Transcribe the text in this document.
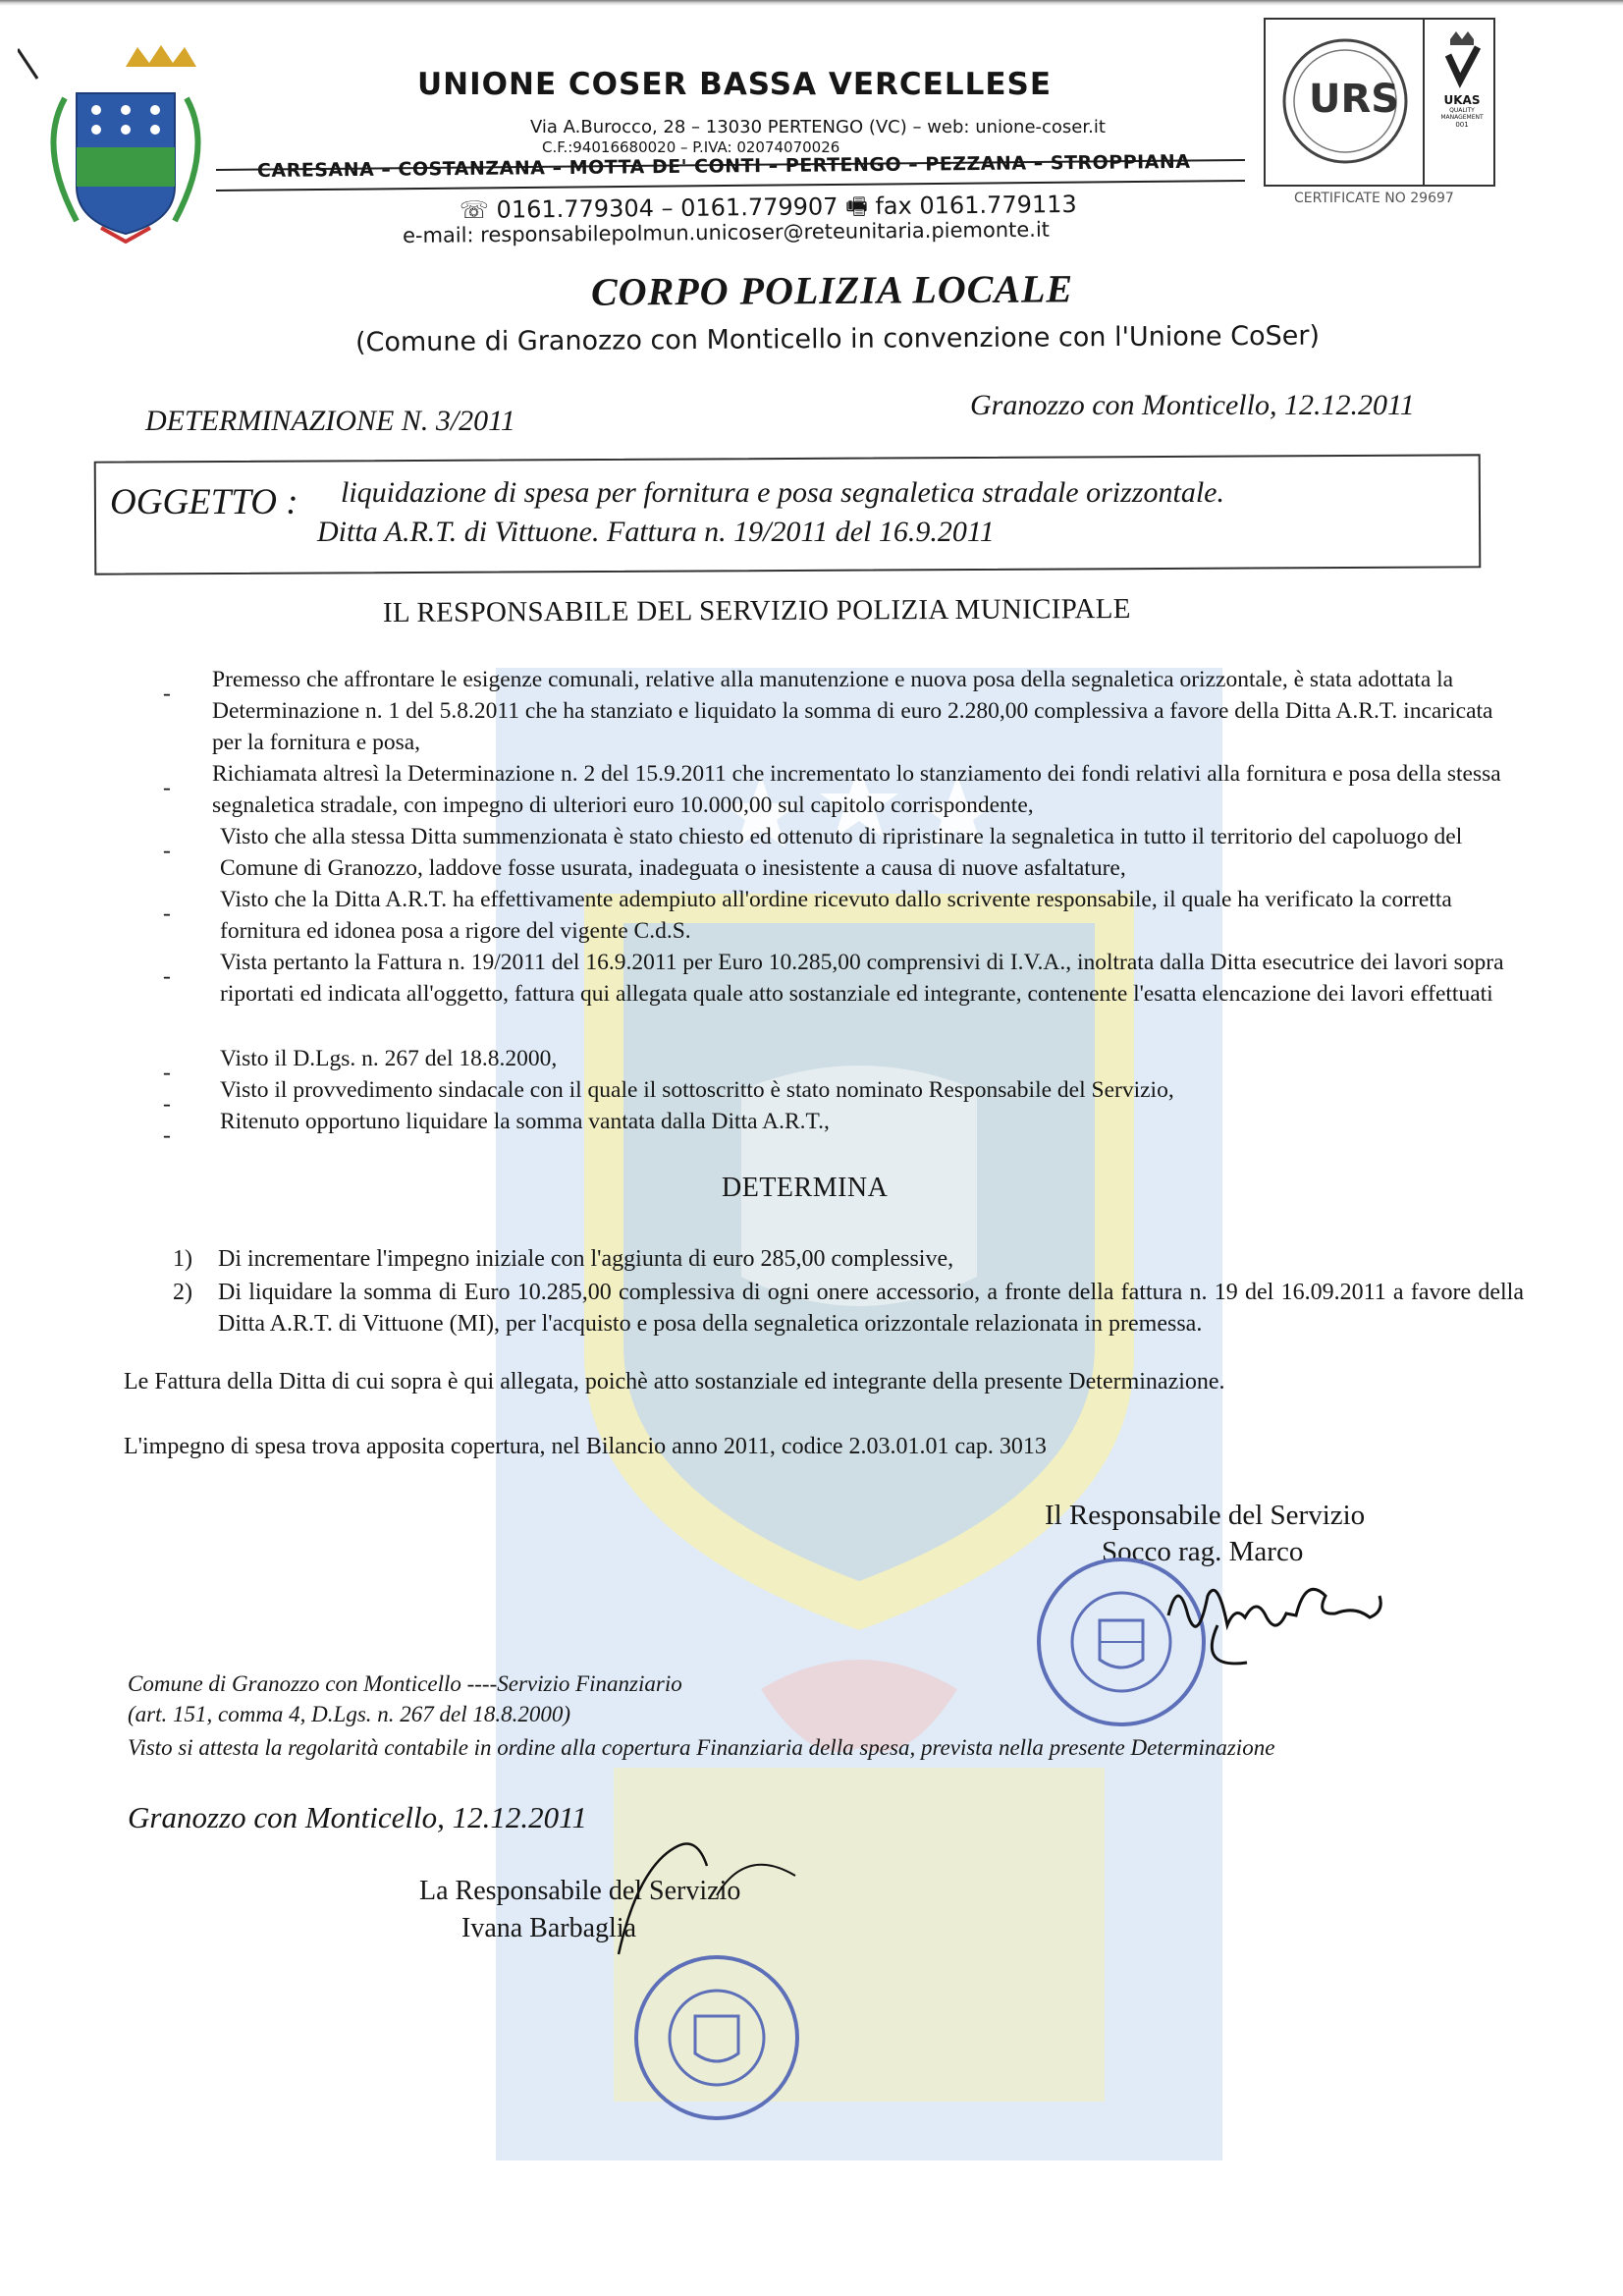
UNIONE COSER BASSA VERCELLESE
Via A.Burocco, 28 – 13030 PERTENGO (VC) – web: unione-coser.it
C.F.:94016680020 – P.IVA: 02074070026
CARESANA – COSTANZANA – MOTTA DE' CONTI – PERTENGO – PEZZANA – STROPPIANA
☏ 0161.779304 – 0161.779907 🖷 fax 0161.779113
e-mail: responsabilepolmun.unicoser@reteunitaria.piemonte.it
URS	UKAS
QUALITY MANAGEMENT
001
CERTIFICATE NO 29697
CORPO POLIZIA LOCALE
(Comune di Granozzo con Monticello in convenzione con l'Unione CoSer)
DETERMINAZIONE N. 3/2011	Granozzo con Monticello, 12.12.2011
OGGETTO : liquidazione di spesa per fornitura e posa segnaletica stradale orizzontale.
Ditta A.R.T. di Vittuone. Fattura n. 19/2011 del 16.9.2011
IL RESPONSABILE DEL SERVIZIO POLIZIA MUNICIPALE
-
Premesso che affrontare le esigenze comunali, relative alla manutenzione e nuova posa della segnaletica orizzontale, è stata adottata la Determinazione n. 1 del 5.8.2011 che ha stanziato e liquidato la somma di euro 2.280,00 complessiva a favore della Ditta A.R.T. incaricata per la fornitura e posa,
-
Richiamata altresì la Determinazione n. 2 del 15.9.2011 che incrementato lo stanziamento dei fondi relativi alla fornitura e posa della stessa segnaletica stradale, con impegno di ulteriori euro 10.000,00 sul capitolo corrispondente,
-
Visto che alla stessa Ditta summenzionata è stato chiesto ed ottenuto di ripristinare la segnaletica in tutto il territorio del capoluogo del Comune di Granozzo, laddove fosse usurata, inadeguata o inesistente a causa di nuove asfaltature,
-
Visto che la Ditta A.R.T. ha effettivamente adempiuto all'ordine ricevuto dallo scrivente responsabile, il quale ha verificato la corretta fornitura ed idonea posa a rigore del vigente C.d.S.
-
Vista pertanto la Fattura n. 19/2011 del 16.9.2011 per Euro 10.285,00 comprensivi di I.V.A., inoltrata dalla Ditta esecutrice dei lavori sopra riportati ed indicata all'oggetto, fattura qui allegata quale atto sostanziale ed integrante, contenente l'esatta elencazione dei lavori effettuati
-
Visto il D.Lgs. n. 267 del 18.8.2000,
-
Visto il provvedimento sindacale con il quale il sottoscritto è stato nominato Responsabile del Servizio,
-
Ritenuto opportuno liquidare la somma vantata dalla Ditta A.R.T.,
DETERMINA
1) Di incrementare l'impegno iniziale con l'aggiunta di euro 285,00 complessive,
2) Di liquidare la somma di Euro 10.285,00 complessiva di ogni onere accessorio, a fronte della fattura n. 19 del 16.09.2011 a favore della Ditta A.R.T. di Vittuone (MI), per l'acquisto e posa della segnaletica orizzontale relazionata in premessa.
Le Fattura della Ditta di cui sopra è qui allegata, poichè atto sostanziale ed integrante della presente Determinazione.
L'impegno di spesa trova apposita copertura, nel Bilancio anno 2011, codice 2.03.01.01 cap. 3013
Il Responsabile del Servizio
Socco rag. Marco
Comune di Granozzo con Monticello ----Servizio Finanziario
(art. 151, comma 4, D.Lgs. n. 267 del 18.8.2000)
Visto si attesta la regolarità contabile in ordine alla copertura Finanziaria della spesa, prevista nella presente Determinazione
Granozzo con Monticello, 12.12.2011
La Responsabile del Servizio
Ivana Barbaglia
